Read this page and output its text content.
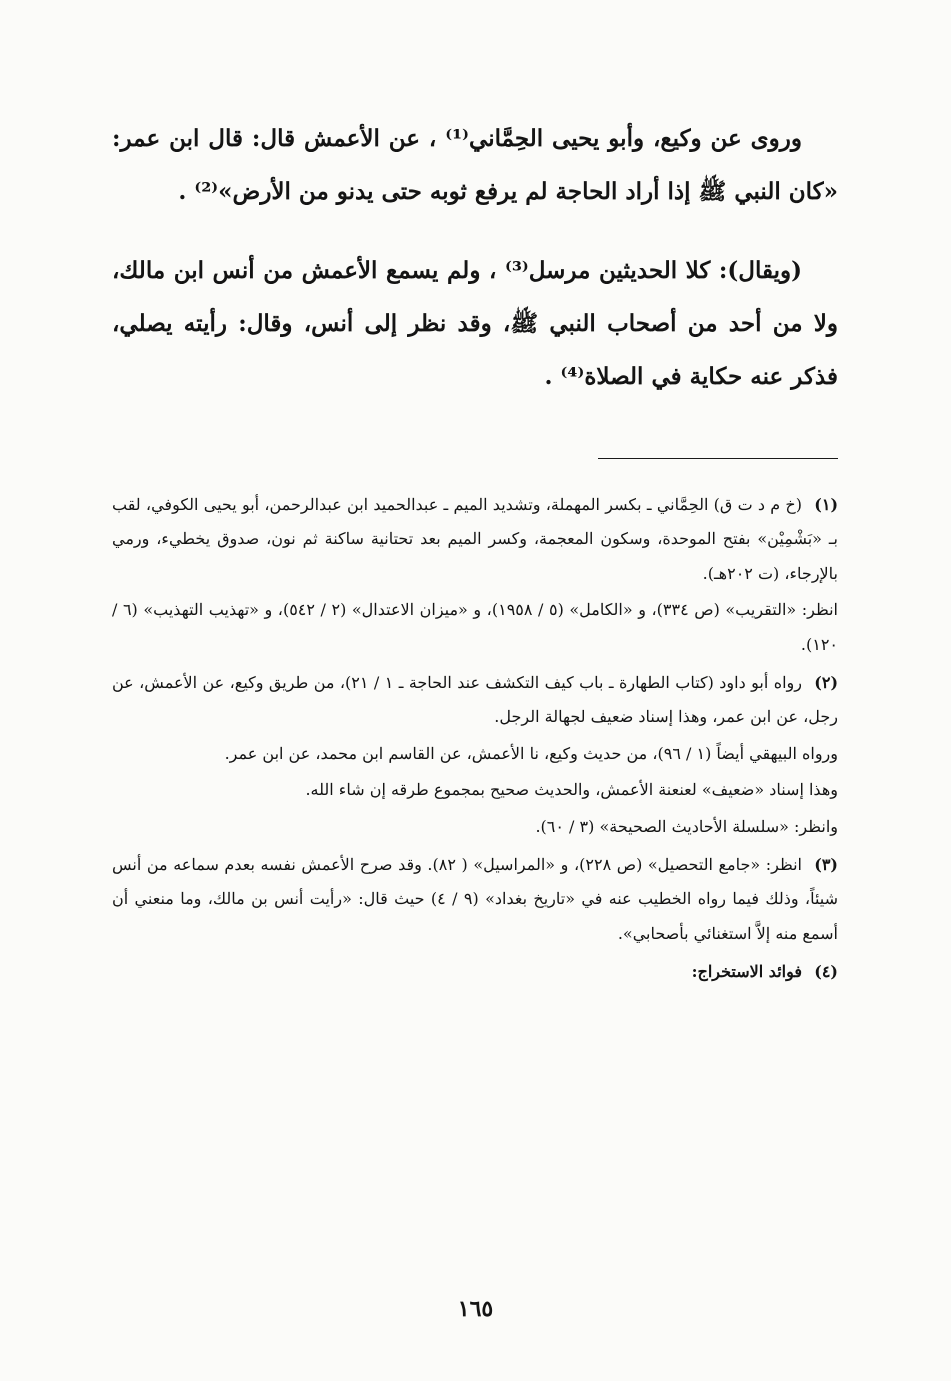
وروى عن وكيع، وأبو يحيى الحِمَّاني⁽¹⁾ ، عن الأعمش قال: قال ابن عمر: «كان النبي ﷺ إذا أراد الحاجة لم يرفع ثوبه حتى يدنو من الأرض»⁽²⁾ .

(ويقال): كلا الحديثين مرسل⁽³⁾ ، ولم يسمع الأعمش من أنس ابن مالك، ولا من أحد من أصحاب النبي ﷺ، وقد نظر إلى أنس، وقال: رأيته يصلي، فذكر عنه حكاية في الصلاة⁽⁴⁾ .

(١)(خ م د ت ق) الحِمَّاني ـ بكسر المهملة، وتشديد الميم ـ عبدالحميد ابن عبدالرحمن، أبو يحيى الكوفي، لقب بـ «بَشْمِيْن» بفتح الموحدة، وسكون المعجمة، وكسر الميم بعد تحتانية ساكنة ثم نون، صدوق يخطيء، ورمي بالإرجاء، (ت ٢٠٢هـ).

انظر: «التقريب» (ص ٣٣٤)، و «الكامل» (٥ / ١٩٥٨)، و «ميزان الاعتدال» (٢ / ٥٤٢)، و «تهذيب التهذيب» (٦ / ١٢٠).

(٢)رواه أبو داود (كتاب الطهارة ـ باب كيف التكشف عند الحاجة ـ ١ / ٢١)، من طريق وكيع، عن الأعمش، عن رجل، عن ابن عمر، وهذا إسناد ضعيف لجهالة الرجل.

ورواه البيهقي أيضاً (١ / ٩٦)، من حديث وكيع، نا الأعمش، عن القاسم ابن محمد، عن ابن عمر.

وهذا إسناد «ضعيف» لعنعنة الأعمش، والحديث صحيح بمجموع طرقه إن شاء الله.

وانظر: «سلسلة الأحاديث الصحيحة» (٣ / ٦٠).

(٣)انظر: «جامع التحصيل» (ص ٢٢٨)، و «المراسيل» ( ٨٢). وقد صرح الأعمش نفسه بعدم سماعه من أنس شيئاً، وذلك فيما رواه الخطيب عنه في «تاريخ بغداد» (٩ / ٤) حيث قال: «رأيت أنس بن مالك، وما منعني أن أسمع منه إلاَّ استغنائي بأصحابي».

(٤)فوائد الاستخراج:

١٦٥
